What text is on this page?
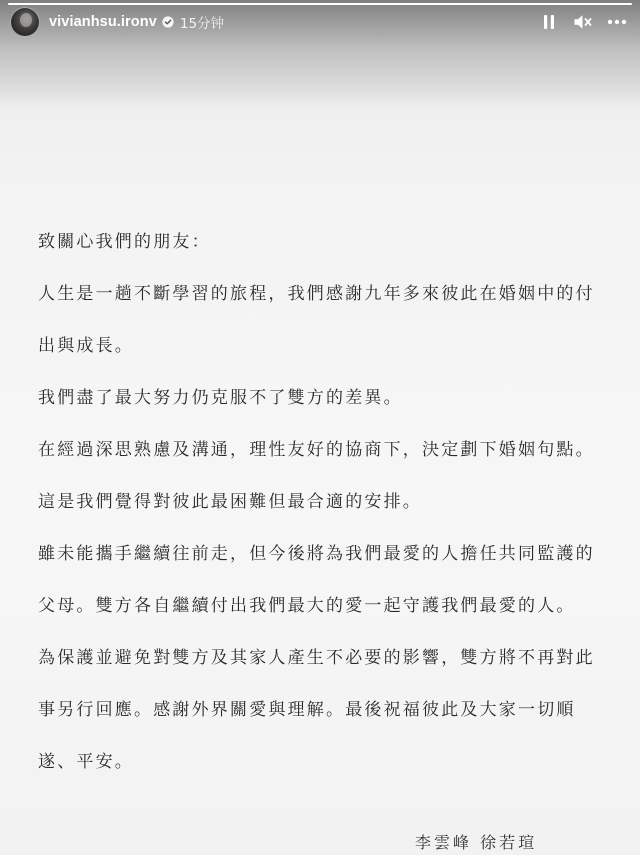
vivianhsu.ironv 15分钟
致關心我們的朋友：
人生是一趟不斷學習的旅程，我們感謝九年多來彼此在婚姻中的付
出與成長。
我們盡了最大努力仍克服不了雙方的差異。
在經過深思熟慮及溝通，理性友好的協商下，決定劃下婚姻句點。
這是我們覺得對彼此最困難但最合適的安排。
雖未能攜手繼續往前走，但今後將為我們最愛的人擔任共同監護的
父母。雙方各自繼續付出我們最大的愛一起守護我們最愛的人。
為保護並避免對雙方及其家人產生不必要的影響，雙方將不再對此
事另行回應。感謝外界關愛與理解。最後祝福彼此及大家一切順
遂、平安。
李雲峰 徐若瑄
